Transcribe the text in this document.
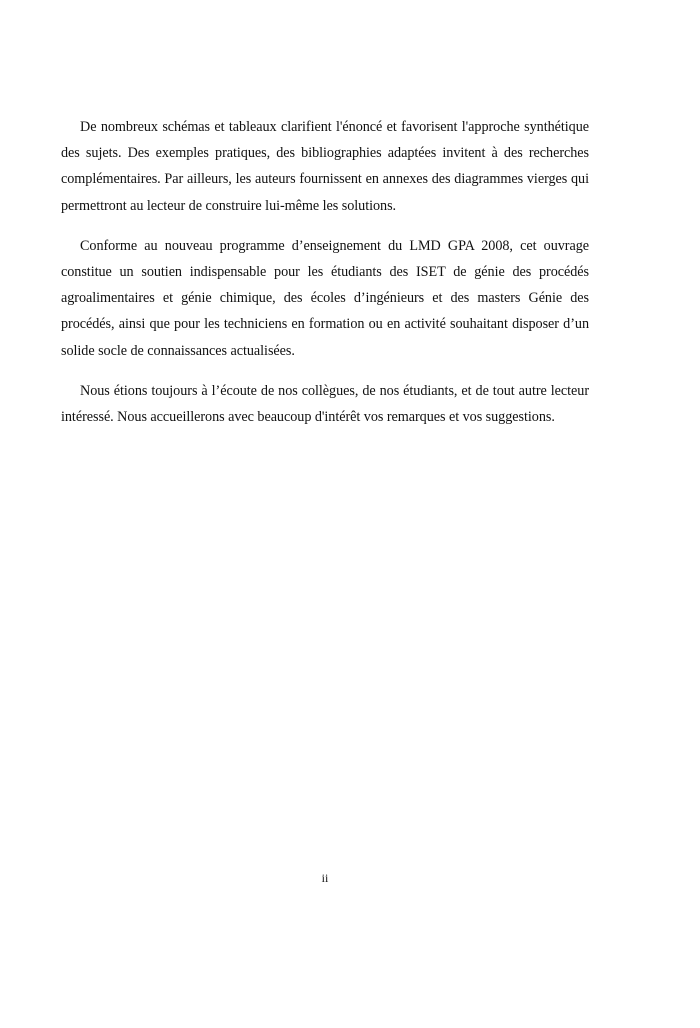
De nombreux schémas et tableaux clarifient l'énoncé et favorisent l'approche synthétique des sujets. Des exemples pratiques, des bibliographies adaptées invitent à des recherches complémentaires. Par ailleurs, les auteurs fournissent en annexes des diagrammes vierges qui permettront au lecteur de construire lui-même les solutions.

Conforme au nouveau programme d’enseignement du LMD GPA 2008, cet ouvrage constitue un soutien indispensable pour les étudiants des ISET de génie des procédés agroalimentaires et génie chimique, des écoles d’ingénieurs et des masters Génie des procédés, ainsi que pour les techniciens en formation ou en activité souhaitant disposer d’un solide socle de connaissances actualisées.

Nous étions toujours à l’écoute de nos collègues, de nos étudiants, et de tout autre lecteur intéressé. Nous accueillerons avec beaucoup d'intérêt vos remarques et vos suggestions.

ii
